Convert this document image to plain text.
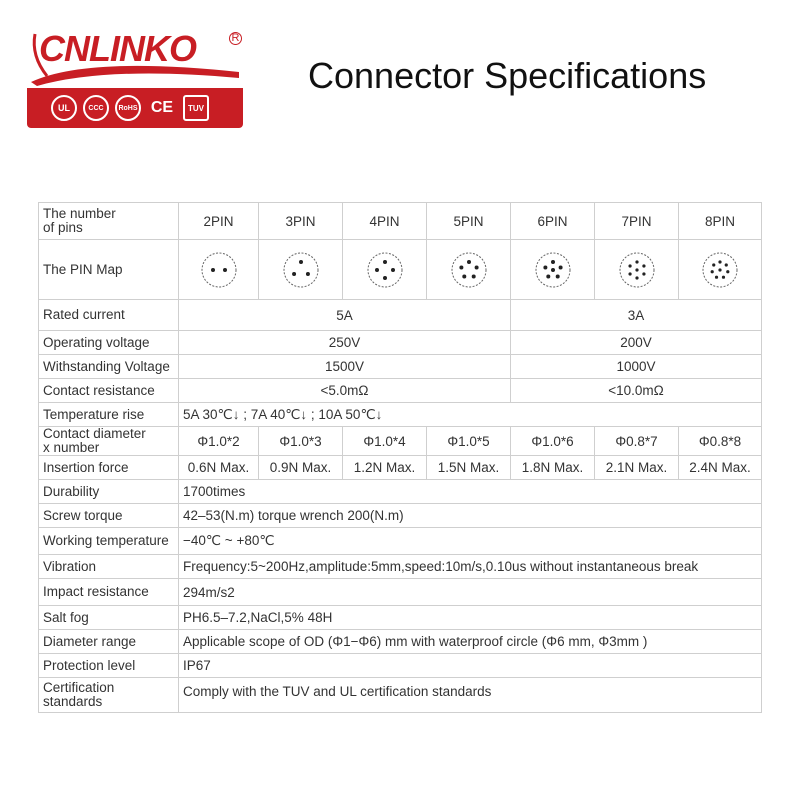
CNLINKO	R
UL	CCC	RoHS CE	TUV
Connector Specifications
The number
of pins	2PIN	3PIN	4PIN	5PIN	6PIN	7PIN	8PIN
The PIN Map	

Rated current	5A				3A		
Operating voltage	250V				200V		
Withstanding Voltage	1500V				1000V		
Contact resistance	<5.0mΩ				<10.0mΩ		
Temperature rise	5A 30℃↓ ; 7A 40℃↓ ; 10A 50℃↓						

Contact diameter
x number	Φ1.0*2	Φ1.0*3	Φ1.0*4	Φ1.0*5	Φ1.0*6	Φ0.8*7	Φ0.8*8
Insertion force	0.6N Max.	0.9N Max.	1.2N Max.	1.5N Max.	1.8N Max.	2.1N Max.	2.4N Max.
Durability	1700times						
Screw torque	42–53(N.m) torque wrench 200(N.m)						
Working temperature	−40℃ ~ +80℃						
Vibration	Frequency:5~200Hz,amplitude:5mm,speed:10m/s,0.10us without instantaneous break						
Impact resistance	294m/s2						
Salt fog	PH6.5–7.2,NaCl,5% 48H						
Diameter range	Applicable scope of OD (Φ1−Φ6) mm with waterproof circle (Φ6 mm, Φ3mm )						
Protection level	IP67						

Certification
standards	Comply with the TUV and UL certification standards						
